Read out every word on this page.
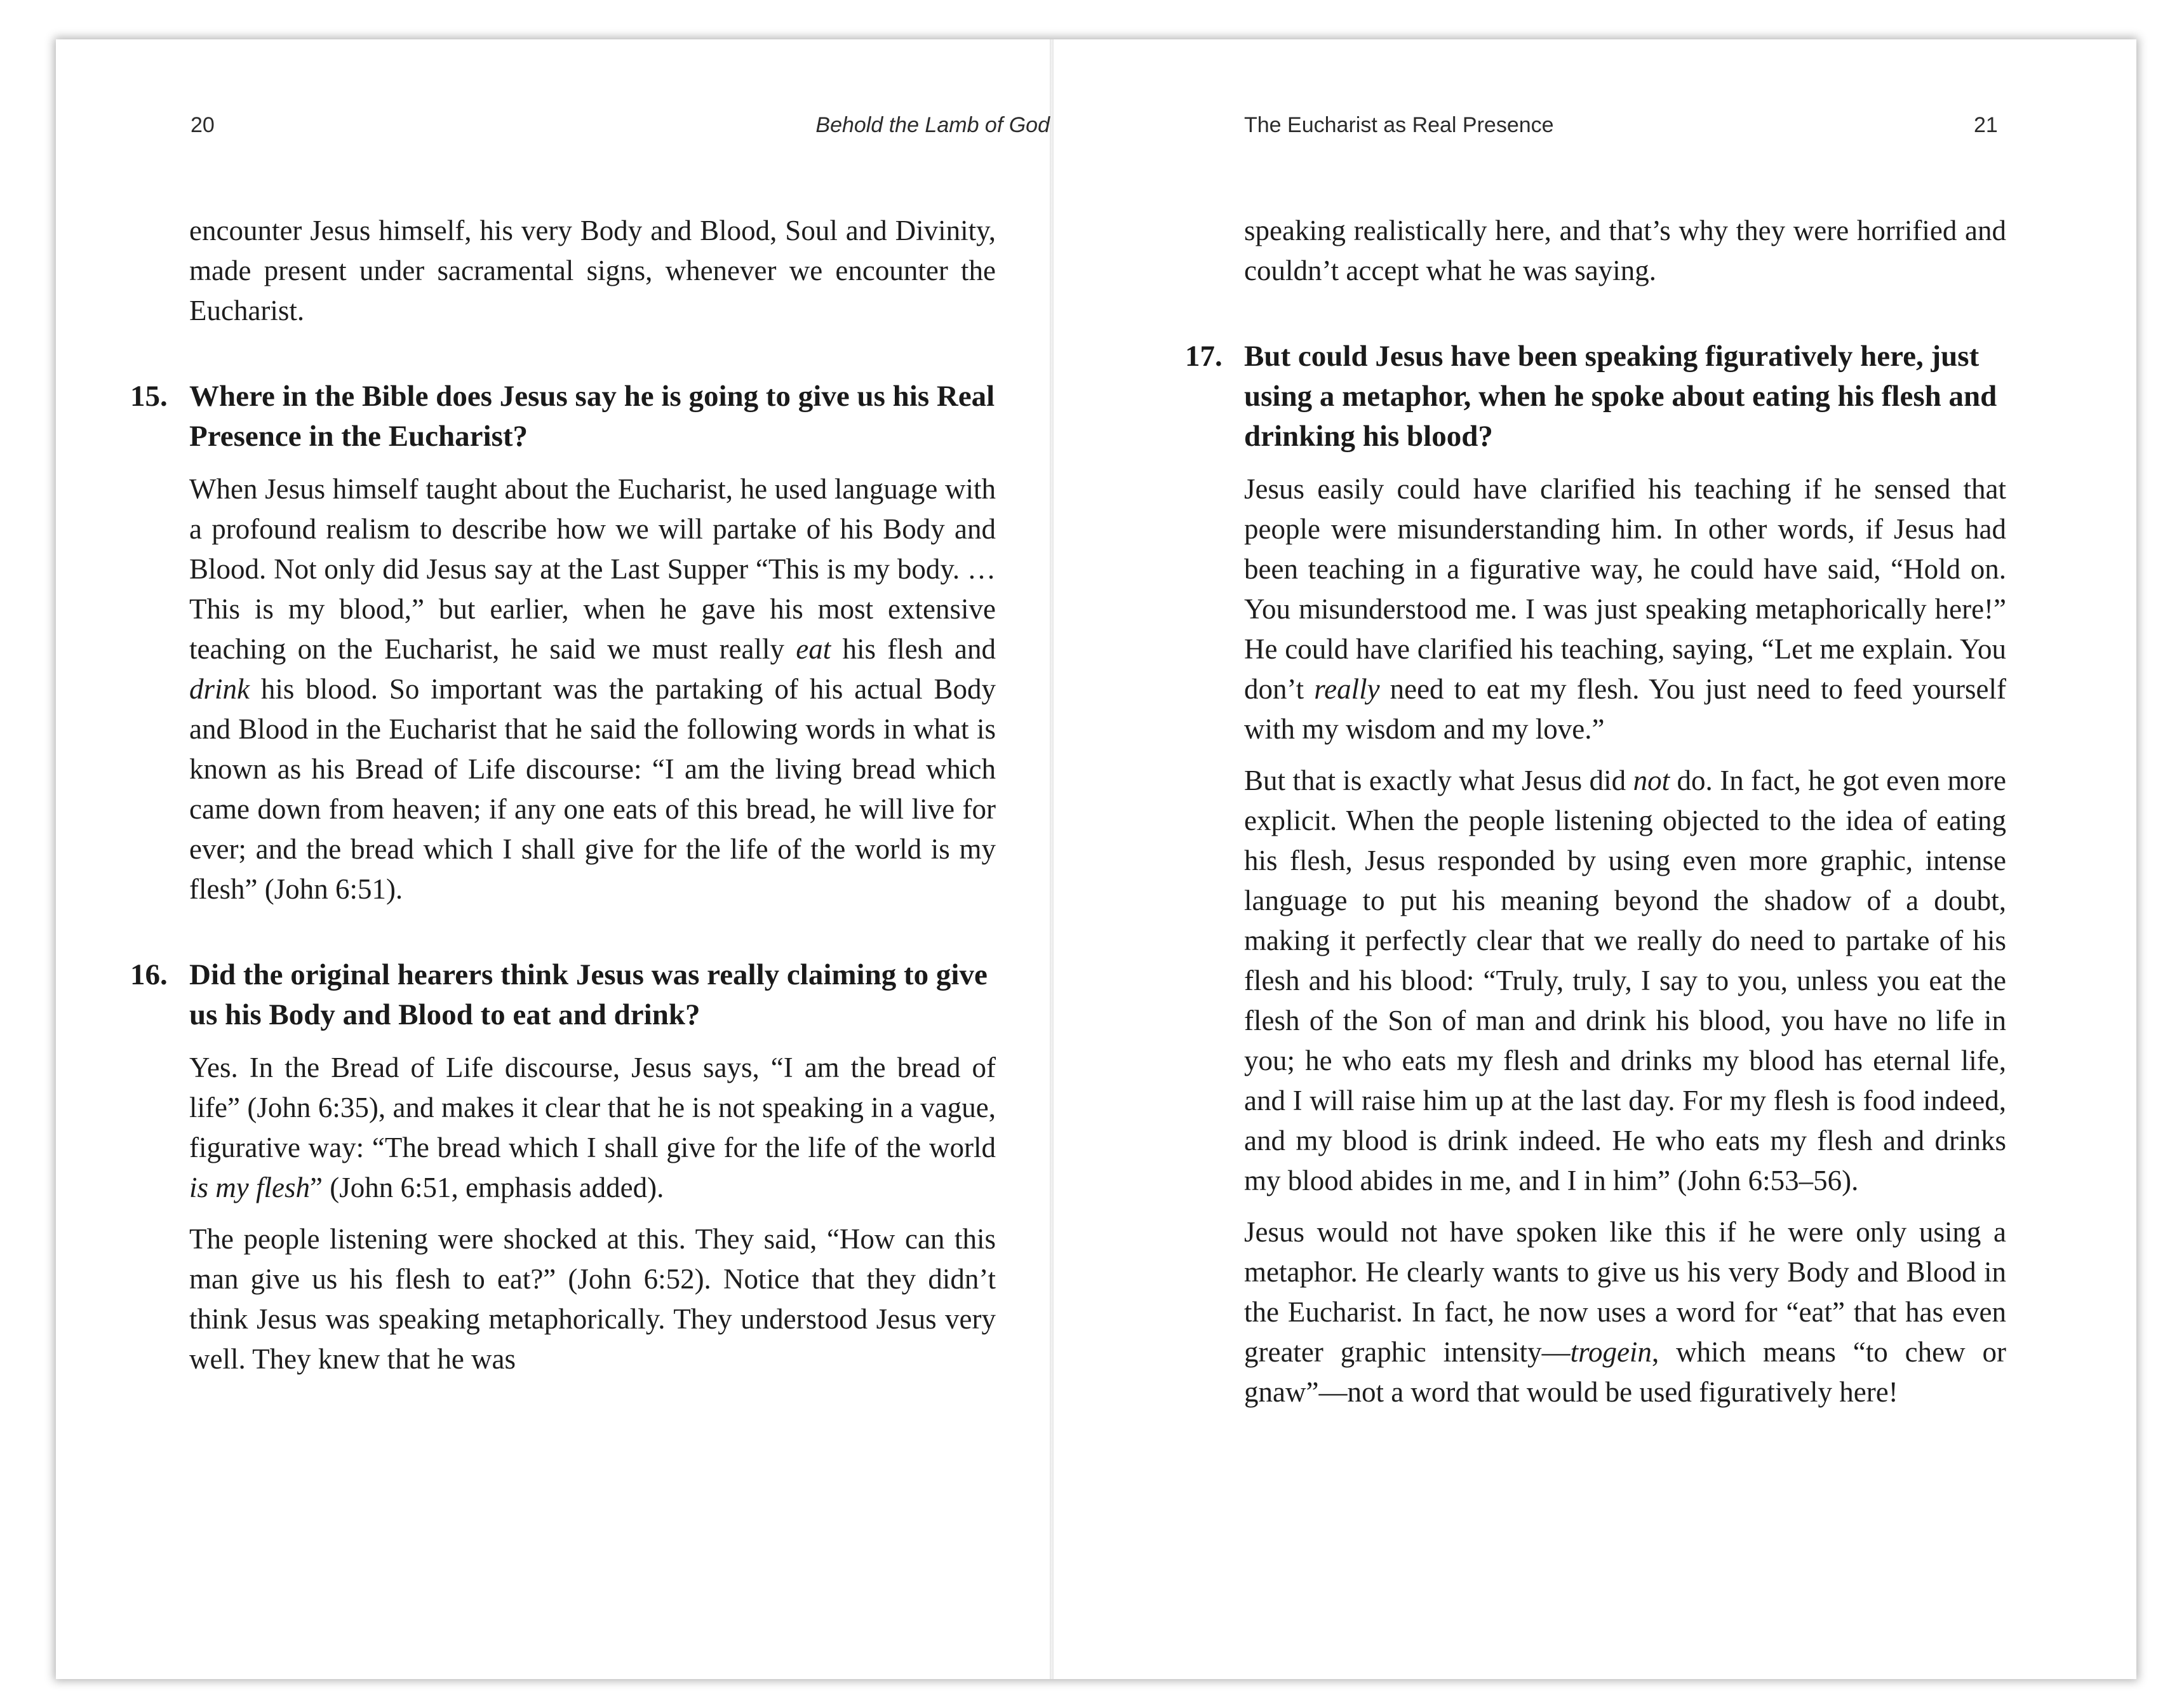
20	Behold the Lamb of God

encounter Jesus himself, his very Body and Blood, Soul and Divinity, made present under sacramental signs, whenever we encounter the Eucharist.

15. Where in the Bible does Jesus say he is going to give us his Real Presence in the Eucharist?

When Jesus himself taught about the Eucharist, he used language with a profound realism to describe how we will partake of his Body and Blood. Not only did Jesus say at the Last Supper “This is my body. … This is my blood,” but earlier, when he gave his most extensive teaching on the Eucharist, he said we must really eat his flesh and drink his blood. So important was the partaking of his actual Body and Blood in the Eucharist that he said the following words in what is known as his Bread of Life discourse: “I am the living bread which came down from heaven; if any one eats of this bread, he will live for ever; and the bread which I shall give for the life of the world is my flesh” (John 6:51).

16. Did the original hearers think Jesus was really claiming to give us his Body and Blood to eat and drink?

Yes. In the Bread of Life discourse, Jesus says, “I am the bread of life” (John 6:35), and makes it clear that he is not speaking in a vague, figurative way: “The bread which I shall give for the life of the world is my flesh” (John 6:51, emphasis added).

The people listening were shocked at this. They said, “How can this man give us his flesh to eat?” (John 6:52). Notice that they didn’t think Jesus was speaking metaphorically. They understood Jesus very well. They knew that he was

The Eucharist as Real Presence	21

speaking realistically here, and that’s why they were horrified and couldn’t accept what he was saying.

17. But could Jesus have been speaking figuratively here, just using a metaphor, when he spoke about eating his flesh and drinking his blood?

Jesus easily could have clarified his teaching if he sensed that people were misunderstanding him. In other words, if Jesus had been teaching in a figurative way, he could have said, “Hold on. You misunderstood me. I was just speaking metaphorically here!” He could have clarified his teaching, saying, “Let me explain. You don’t really need to eat my flesh. You just need to feed yourself with my wisdom and my love.”

But that is exactly what Jesus did not do. In fact, he got even more explicit. When the people listening objected to the idea of eating his flesh, Jesus responded by using even more graphic, intense language to put his meaning beyond the shadow of a doubt, making it perfectly clear that we really do need to partake of his flesh and his blood: “Truly, truly, I say to you, unless you eat the flesh of the Son of man and drink his blood, you have no life in you; he who eats my flesh and drinks my blood has eternal life, and I will raise him up at the last day. For my flesh is food indeed, and my blood is drink indeed. He who eats my flesh and drinks my blood abides in me, and I in him” (John 6:53–56).

Jesus would not have spoken like this if he were only using a metaphor. He clearly wants to give us his very Body and Blood in the Eucharist. In fact, he now uses a word for “eat” that has even greater graphic intensity—trogein, which means “to chew or gnaw”—not a word that would be used figuratively here!
